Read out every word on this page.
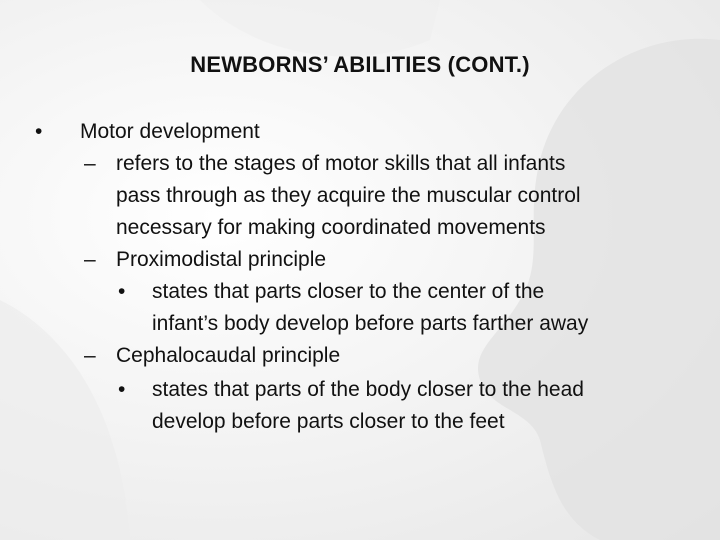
NEWBORNS’ ABILITIES (CONT.)
• Motor development
– refers to the stages of motor skills that all infants
pass through as they acquire the muscular control
necessary for making coordinated movements
– Proximodistal principle
• states that parts closer to the center of the
infant’s body develop before parts farther away
– Cephalocaudal principle
• states that parts of the body closer to the head
develop before parts closer to the feet
